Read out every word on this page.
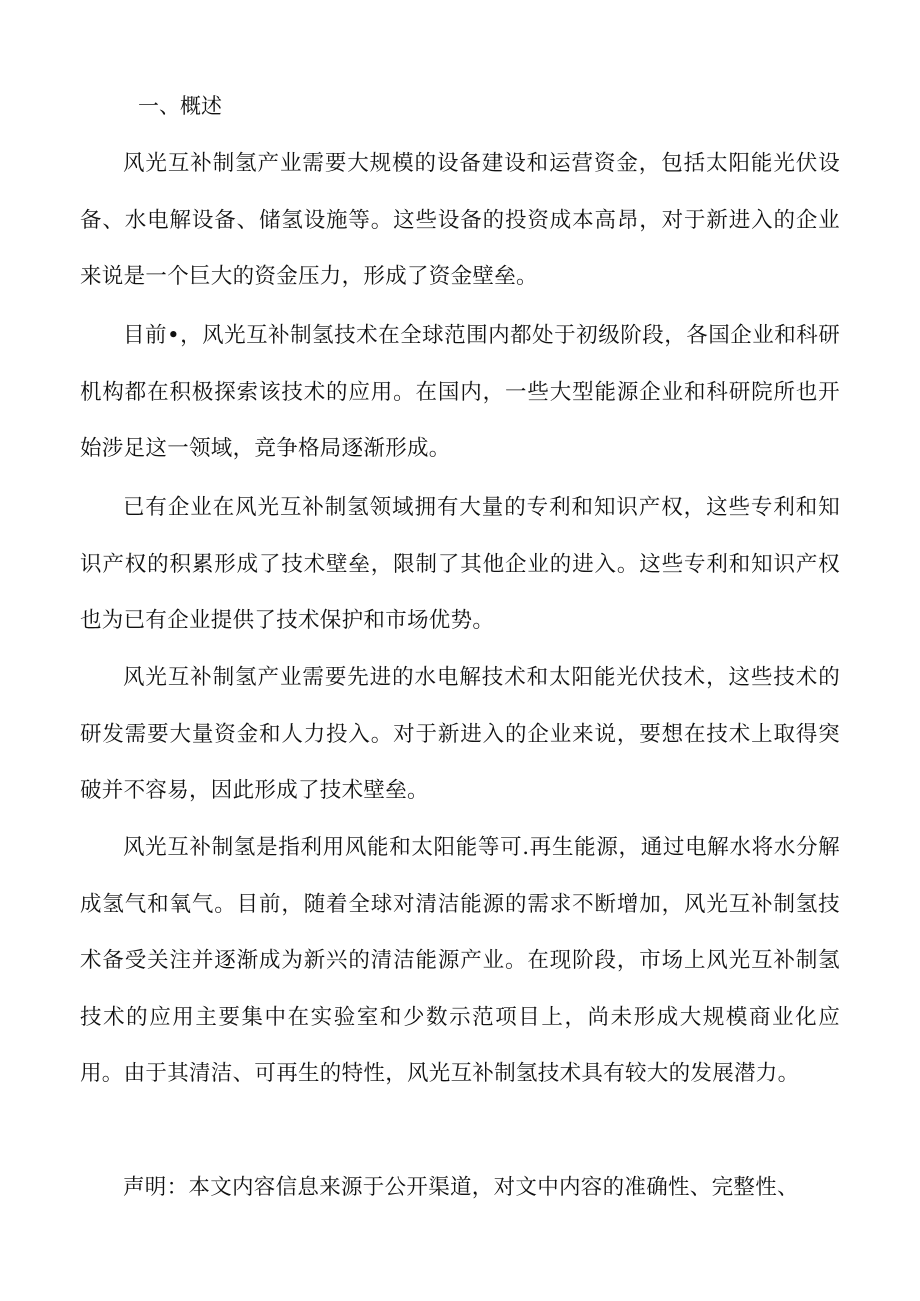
一、概述

风光互补制氢产业需要大规模的设备建设和运营资金，包括太阳能光伏设备、水电解设备、储氢设施等。这些设备的投资成本高昂，对于新进入的企业来说是一个巨大的资金压力，形成了资金壁垒。

目前•，风光互补制氢技术在全球范围内都处于初级阶段，各国企业和科研机构都在积极探索该技术的应用。在国内，一些大型能源企业和科研院所也开始涉足这一领域，竞争格局逐渐形成。

已有企业在风光互补制氢领域拥有大量的专利和知识产权，这些专利和知识产权的积累形成了技术壁垒，限制了其他企业的进入。这些专利和知识产权也为已有企业提供了技术保护和市场优势。

风光互补制氢产业需要先进的水电解技术和太阳能光伏技术，这些技术的研发需要大量资金和人力投入。对于新进入的企业来说，要想在技术上取得突破并不容易，因此形成了技术壁垒。

风光互补制氢是指利用风能和太阳能等可.再生能源，通过电解水将水分解成氢气和氧气。目前，随着全球对清洁能源的需求不断增加，风光互补制氢技术备受关注并逐渐成为新兴的清洁能源产业。在现阶段，市场上风光互补制氢技术的应用主要集中在实验室和少数示范项目上，尚未形成大规模商业化应用。由于其清洁、可再生的特性，风光互补制氢技术具有较大的发展潜力。

声明：本文内容信息来源于公开渠道，对文中内容的准确性、完整性、
